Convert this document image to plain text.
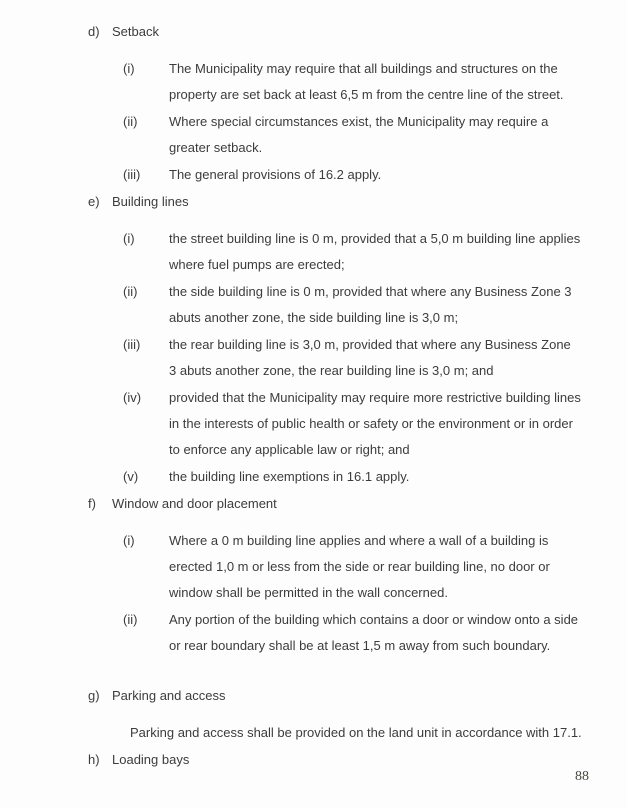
d) Setback
(i)	The Municipality may require that all buildings and structures on the
property are set back at least 6,5 m from the centre line of the street.
(ii) Where special circumstances exist, the Municipality may require a
greater setback.
(iii) The general provisions of 16.2 apply.
e) Building lines
(i)	the street building line is 0 m, provided that a 5,0 m building line applies
where fuel pumps are erected;
(ii) the side building line is 0 m, provided that where any Business Zone 3
abuts another zone, the side building line is 3,0 m;
(iii) the rear building line is 3,0 m, provided that where any Business Zone
3 abuts another zone, the rear building line is 3,0 m; and
(iv) provided that the Municipality may require more restrictive building lines
in the interests of public health or safety or the environment or in order
to enforce any applicable law or right; and
(v) the building line exemptions in 16.1 apply.
f) Window and door placement
(i)	Where a 0 m building line applies and where a wall of a building is
erected 1,0 m or less from the side or rear building line, no door or
window shall be permitted in the wall concerned.
(ii) Any portion of the building which contains a door or window onto a side
or rear boundary shall be at least 1,5 m away from such boundary.
g) Parking and access
Parking and access shall be provided on the land unit in accordance with 17.1.
h) Loading bays
88
